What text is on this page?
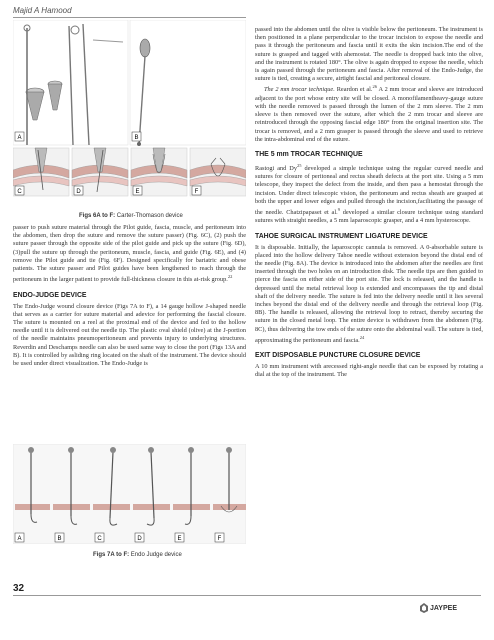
Majid A Hamood
A	B
C	D	E	F
Figs 6A to F: Carter-Thomason device
passer to push suture material through the Pilot guide, fascia, muscle, and peritoneum into the abdomen, then drop the suture and remove the suture passer) (Fig. 6C), (2) push the suture passer through the opposite side of the pilot guide and pick up the suture (Fig. 6D), (3)pull the suture up through the peritoneum, muscle, fascia, and guide (Fig. 6E), and (4) remove the Pilot guide and tie (Fig. 6F). Designed specifically for bariatric and obese patients. The suture passer and Pilot guides have been lengthened to reach through the peritoneum in the larger patient to provide full-thickness closure in this at-risk group.$^{22}$
ENDO-JUDGE DEVICE
The Endo-Judge wound closure device (Figs 7A to F), a 14 gauge hollow J-shaped needle that serves as a carrier for suture material and adevice for performing the fascial closure. The suture is mounted on a reel at the proximal end of the device and fed to the hollow needle until it is delivered out the needle tip. The plastic oval shield (olive) at the J-portion of the needle maintains pneumoperitoneum and prevents injury to underlying structures. Reverdin and Deschamps needle can also be used same way to close the port (Figs 13A and B). It is controlled by asliding ring located on the shaft of the instrument. The device should be used under direct visualization. The Endo-Judge is
A	B	C	D	E	F
Figs 7A to F: Endo Judge device
passed into the abdomen until the olive is visible below the peritoneum. The instrument is then positioned in a plane perpendicular to the trocar incision to expose the needle and pass it through the peritoneum and fascia until it exits the skin incision.The end of the suture is grasped and tagged with ahemostat. The needle is dropped back into the olive, and the instrument is rotated 180°. The olive is again dropped to expose the needle, which is again passed through the peritoneum and fascia. After removal of the Endo-Judge, the suture is tied, creating a secure, airtight fascial and peritoneal closure.
The 2 mm trocar technique. Reardon et al.$^{26}$ A 2 mm trocar and sleeve are introduced adjacent to the port whose entry site will be closed. A monofilamentheavy-gauge suture with the needle removed is passed through the lumen of the 2 mm sleeve. The 2 mm sleeve is then removed over the suture, after which the 2 mm trocar and sleeve are reintroduced through the opposing fascial edge 180° from the original insertion site. The trocar is removed, and a 2 mm grasper is passed through the sleeve and used to retrieve the intra-abdominal end of the suture.
THE 5 mm TROCAR TECHNIQUE
Rastogi and Dy$^{25}$ developed a simple technique using the regular curved needle and sutures for closure of peritoneal and rectus sheath defects at the port site. Using a 5 mm telescope, they inspect the defect from the inside, and then pass a hemostat through the incision. Under direct telescopic vision, the peritoneum and rectus sheath are grasped at both the upper and lower edges and pulled through the incision,facilitating the passage of the needle. Chatzipapaset et al.$^9$ developed a similar closure technique using standard sutures with straight needles, a 5 mm laparoscopic grasper, and a 4 mm hysteroscope.
TAHOE SURGICAL INSTRUMENT LIGATURE DEVICE
It is disposable. Initially, the laparoscopic cannula is removed. A 0-absorbable suture is placed into the hollow delivery Tahoe needle without extension beyond the distal end of the needle (Fig. 8A). The device is introduced into the abdomen after the needles are first inserted through the two holes on an introduction disk. The needle tips are then guided to pierce the fascia on either side of the port site. The lock is released, and the handle is depressed until the metal retrieval loop is extended and encompasses the tip and distal shaft of the delivery needle. The suture is fed into the delivery needle until it lies several inches beyond the distal end of the delivery needle and through the retrieval loop (Fig. 8B). The handle is released, allowing the retrieval loop to retract, thereby securing the suture in the closed metal loop. The entire device is withdrawn from the abdomen (Fig. 8C), thus delivering the tow ends of the suture onto the abdominal wall. The suture is tied, approximating the peritoneum and fascia.$^{24}$
EXIT DISPOSABLE PUNCTURE CLOSURE DEVICE
A 10 mm instrument with arecessed right-angle needle that can be exposed by rotating a dial at the top of the instrument. The
32
JAYPEE
